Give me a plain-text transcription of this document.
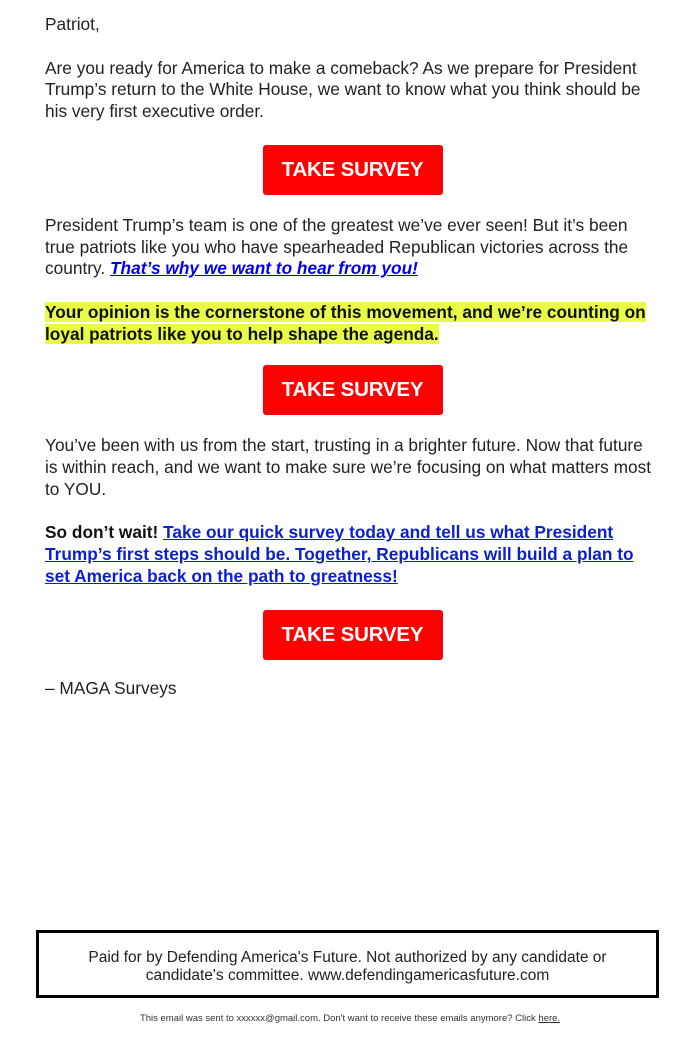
Patriot,

Are you ready for America to make a comeback? As we prepare for President Trump’s return to the White House, we want to know what you think should be his very first executive order.

TAKE SURVEY

President Trump’s team is one of the greatest we’ve ever seen! But it’s been true patriots like you who have spearheaded Republican victories across the country. That’s why we want to hear from you!

Your opinion is the cornerstone of this movement, and we’re counting on loyal patriots like you to help shape the agenda.

TAKE SURVEY

You’ve been with us from the start, trusting in a brighter future. Now that future is within reach, and we want to make sure we’re focusing on what matters most to YOU.

So don’t wait! Take our quick survey today and tell us what President Trump’s first steps should be. Together, Republicans will build a plan to set America back on the path to greatness!

TAKE SURVEY

– MAGA Surveys

Paid for by Defending America's Future. Not authorized by any candidate or
candidate's committee. www.defendingamericasfuture.com
This email was sent to xxxxxx@gmail.com. Don't want to receive these emails anymore? Click here.
